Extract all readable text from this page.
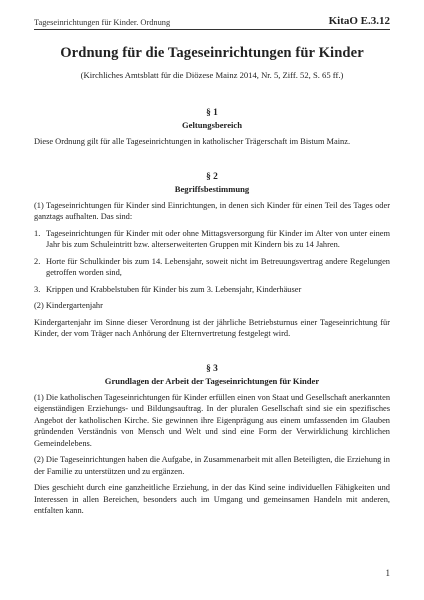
Tageseinrichtungen für Kinder. Ordnung	KitaO E.3.12
Ordnung für die Tageseinrichtungen für Kinder
(Kirchliches Amtsblatt für die Diözese Mainz 2014, Nr. 5, Ziff. 52, S. 65 ff.)
§ 1
Geltungsbereich

Diese Ordnung gilt für alle Tageseinrichtungen in katholischer Trägerschaft im Bistum Mainz.

§ 2
Begriffsbestimmung

(1) Tageseinrichtungen für Kinder sind Einrichtungen, in denen sich Kinder für einen Teil des Tages oder ganztags aufhalten. Das sind:

1. Tageseinrichtungen für Kinder mit oder ohne Mittagsversorgung für Kinder im Alter von unter einem Jahr bis zum Schuleintritt bzw. alterserweiterten Gruppen mit Kindern bis zu 14 Jahren.
2. Horte für Schulkinder bis zum 14. Lebensjahr, soweit nicht im Betreuungsvertrag andere Regelungen getroffen worden sind,
3. Krippen und Krabbelstuben für Kinder bis zum 3. Lebensjahr, Kinderhäuser

(2) Kindergartenjahr

Kindergartenjahr im Sinne dieser Verordnung ist der jährliche Betriebsturnus einer Tageseinrichtung für Kinder, der vom Träger nach Anhörung der Elternvertretung festgelegt wird.

§ 3
Grundlagen der Arbeit der Tageseinrichtungen für Kinder

(1) Die katholischen Tageseinrichtungen für Kinder erfüllen einen von Staat und Gesellschaft anerkannten eigenständigen Erziehungs- und Bildungsauftrag. In der pluralen Gesellschaft sind sie ein spezifisches Angebot der katholischen Kirche. Sie gewinnen ihre Eigenprägung aus einem umfassenden im Glauben gründenden Verständnis von Mensch und Welt und sind eine Form der Verwirklichung kirchlichen Gemeindelebens.

(2) Die Tageseinrichtungen haben die Aufgabe, in Zusammenarbeit mit allen Beteiligten, die Erziehung in der Familie zu unterstützen und zu ergänzen.

Dies geschieht durch eine ganzheitliche Erziehung, in der das Kind seine individuellen Fähigkeiten und Interessen in allen Bereichen, besonders auch im Umgang und gemeinsamen Handeln mit anderen, entfalten kann.

1
